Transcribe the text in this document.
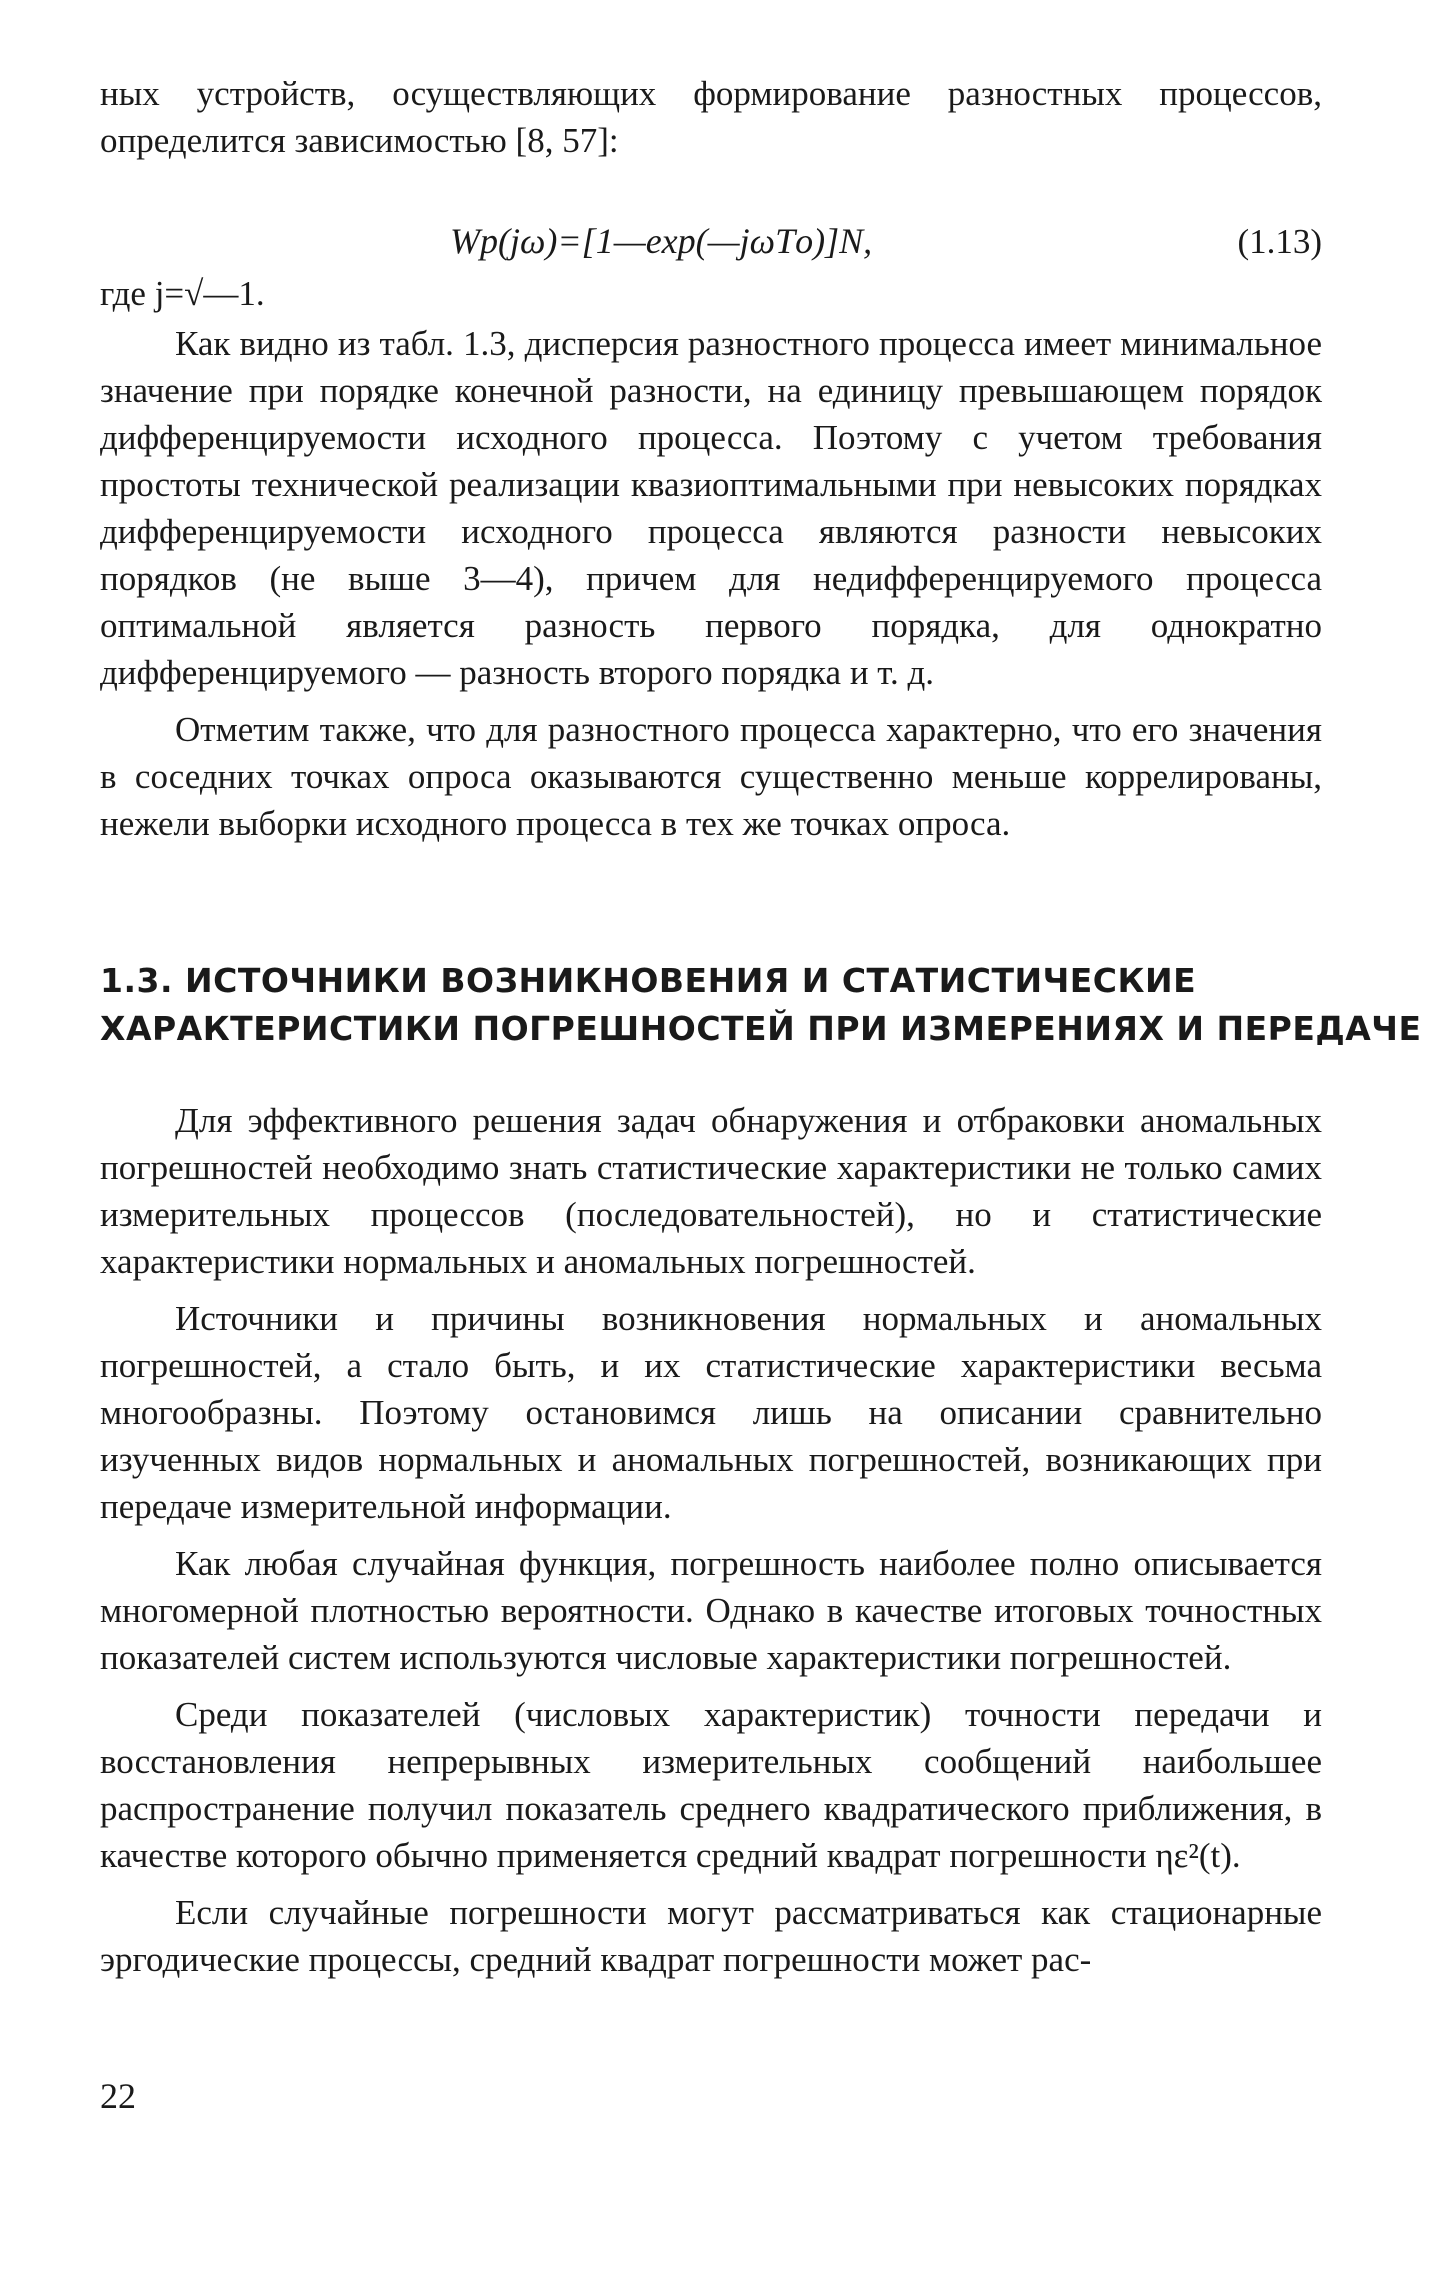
ных устройств, осуществляющих формирование разностных процессов, определится зависимостью [8, 57]:

Wр(jω)=[1—exp(—jωTо)]N,	(1.13)
где j=√—1.

Как видно из табл. 1.3, дисперсия разностного процесса имеет минимальное значение при порядке конечной разности, на единицу превышающем порядок дифференцируемости исходного процесса. Поэтому с учетом требования простоты технической реализации квазиоптимальными при невысоких порядках дифференцируемости исходного процесса являются разности невысоких порядков (не выше 3—4), причем для недифференцируемого процесса оптимальной является разность первого порядка, для однократно дифференцируемого — разность второго порядка и т. д.

Отметим также, что для разностного процесса характерно, что его значения в соседних точках опроса оказываются существенно меньше коррелированы, нежели выборки исходного процесса в тех же точках опроса.

1.3. ИСТОЧНИКИ ВОЗНИКНОВЕНИЯ И СТАТИСТИЧЕСКИЕ
ХАРАКТЕРИСТИКИ ПОГРЕШНОСТЕЙ ПРИ ИЗМЕРЕНИЯХ И ПЕРЕДАЧЕ

Для эффективного решения задач обнаружения и отбраковки аномальных погрешностей необходимо знать статистические характеристики не только самих измерительных процессов (последовательностей), но и статистические характеристики нормальных и аномальных погрешностей.

Источники и причины возникновения нормальных и аномальных погрешностей, а стало быть, и их статистические характеристики весьма многообразны. Поэтому остановимся лишь на описании сравнительно изученных видов нормальных и аномальных погрешностей, возникающих при передаче измерительной информации.

Как любая случайная функция, погрешность наиболее полно описывается многомерной плотностью вероятности. Однако в качестве итоговых точностных показателей систем используются числовые характеристики погрешностей.

Среди показателей (числовых характеристик) точности передачи и восстановления непрерывных измерительных сообщений наибольшее распространение получил показатель среднего квадратического приближения, в качестве которого обычно применяется средний квадрат погрешности ηε²(t).

Если случайные погрешности могут рассматриваться как стационарные эргодические процессы, средний квадрат погрешности может рас-

22
